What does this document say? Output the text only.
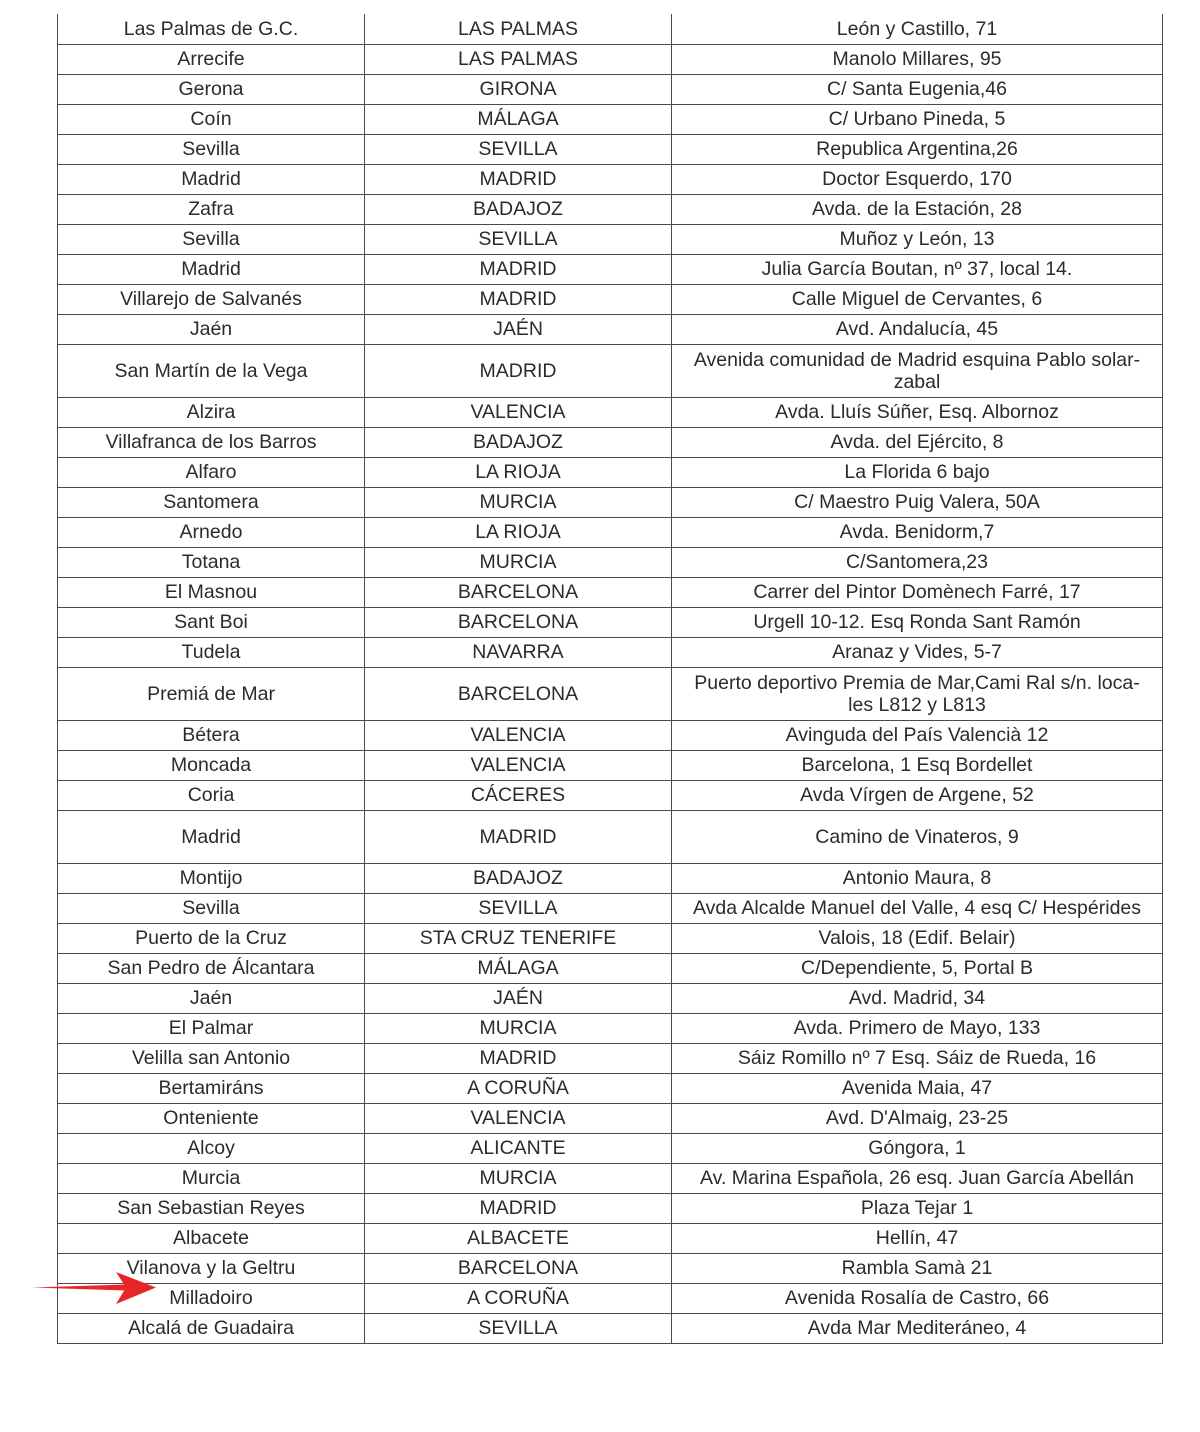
Las Palmas de G.C.	LAS PALMAS	León y Castillo, 71
Arrecife	LAS PALMAS	Manolo Millares, 95
Gerona	GIRONA	C/ Santa Eugenia,46
Coín	MÁLAGA	C/ Urbano Pineda, 5
Sevilla	SEVILLA	Republica Argentina,26
Madrid	MADRID	Doctor Esquerdo, 170
Zafra	BADAJOZ	Avda. de la Estación, 28
Sevilla	SEVILLA	Muñoz y León, 13
Madrid	MADRID	Julia García Boutan, nº 37, local 14.
Villarejo de Salvanés	MADRID	Calle Miguel de Cervantes, 6
Jaén	JAÉN	Avd. Andalucía, 45
San Martín de la Vega	MADRID	Avenida comunidad de Madrid esquina Pablo solar-zabal
Alzira	VALENCIA	Avda. Lluís Súñer, Esq. Albornoz
Villafranca de los Barros	BADAJOZ	Avda. del Ejército, 8
Alfaro	LA RIOJA	La Florida 6 bajo
Santomera	MURCIA	C/ Maestro Puig Valera, 50A
Arnedo	LA RIOJA	Avda. Benidorm,7
Totana	MURCIA	C/Santomera,23
El Masnou	BARCELONA	Carrer del Pintor Domènech Farré, 17
Sant Boi	BARCELONA	Urgell 10-12. Esq Ronda Sant Ramón
Tudela	NAVARRA	Aranaz y Vides, 5-7
Premiá de Mar	BARCELONA	Puerto deportivo Premia de Mar,Cami Ral s/n. loca-les L812 y L813
Bétera	VALENCIA	Avinguda del País Valencià 12
Moncada	VALENCIA	Barcelona, 1 Esq Bordellet
Coria	CÁCERES	Avda Vírgen de Argene, 52
Madrid	MADRID	Camino de Vinateros, 9
Montijo	BADAJOZ	Antonio Maura, 8
Sevilla	SEVILLA	Avda Alcalde Manuel del Valle, 4 esq C/ Hespérides
Puerto de la Cruz	STA CRUZ TENERIFE	Valois, 18 (Edif. Belair)
San Pedro de Álcantara	MÁLAGA	C/Dependiente, 5, Portal B
Jaén	JAÉN	Avd. Madrid, 34
El Palmar	MURCIA	Avda. Primero de Mayo, 133
Velilla san Antonio	MADRID	Sáiz Romillo nº 7 Esq. Sáiz de Rueda, 16
Bertamiráns	A CORUÑA	Avenida Maia, 47
Onteniente	VALENCIA	Avd. D'Almaig, 23-25
Alcoy	ALICANTE	Góngora, 1
Murcia	MURCIA	Av. Marina Española, 26 esq. Juan García Abellán
San Sebastian Reyes	MADRID	Plaza Tejar 1
Albacete	ALBACETE	Hellín, 47
Vilanova y la Geltru	BARCELONA	Rambla Samà 21
Milladoiro	A CORUÑA	Avenida Rosalía de Castro, 66
Alcalá de Guadaira	SEVILLA	Avda Mar Mediteráneo, 4
